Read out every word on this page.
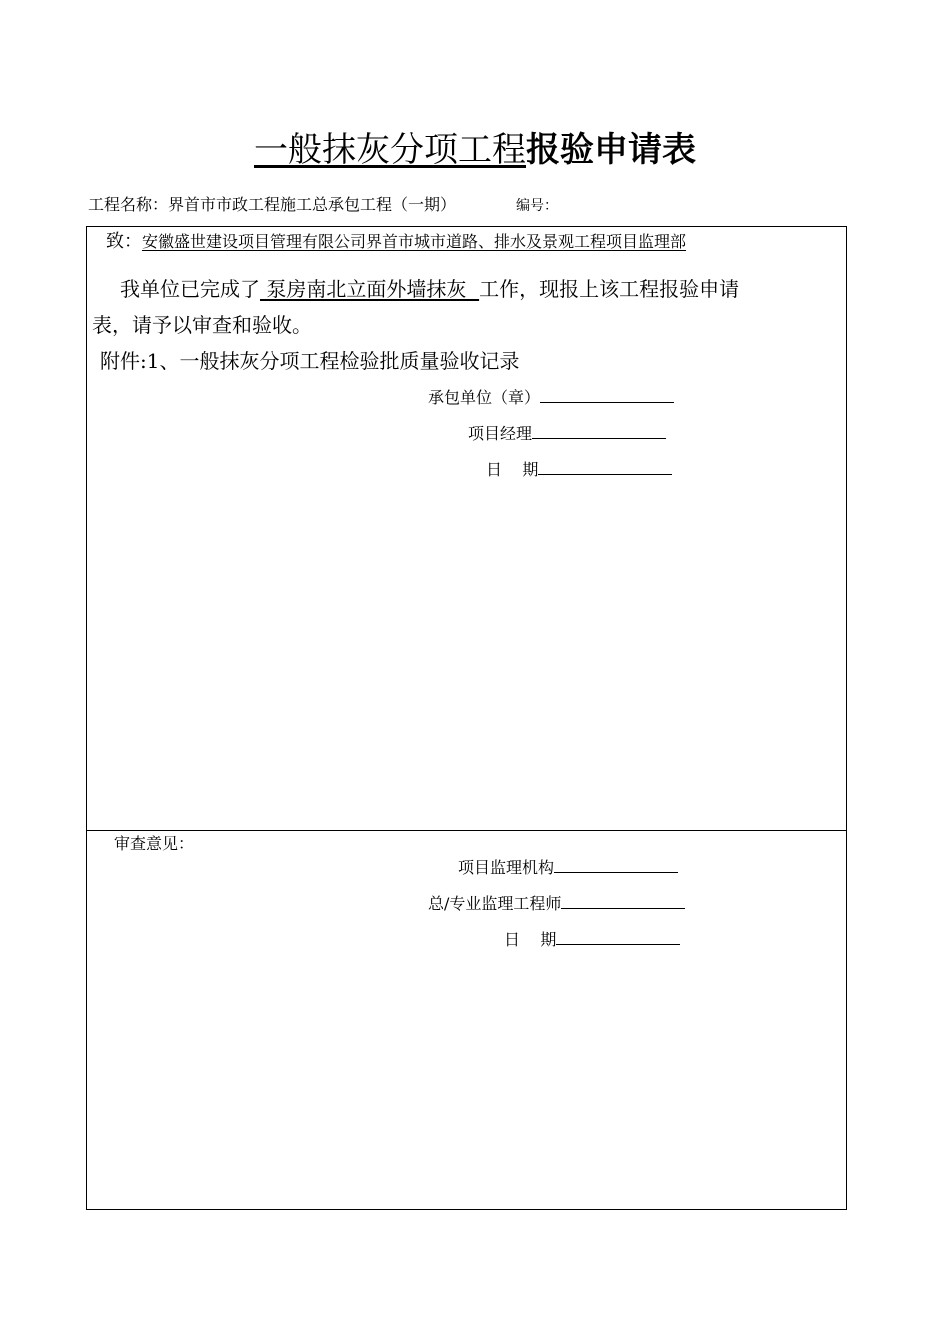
一般抹灰分项工程报验申请表
工程名称：界首市市政工程施工总承包工程（一期）	编号：
致：安徽盛世建设项目管理有限公司界首市城市道路、排水及景观工程项目监理部
我单位已完成了 泵房南北立面外墙抹灰  工作，现报上该工程报验申请
表，请予以审查和验收。
附件:1、一般抹灰分项工程检验批质量验收记录
承包单位（章）
项目经理
日    期
审查意见：
项目监理机构
总/专业监理工程师
日    期
